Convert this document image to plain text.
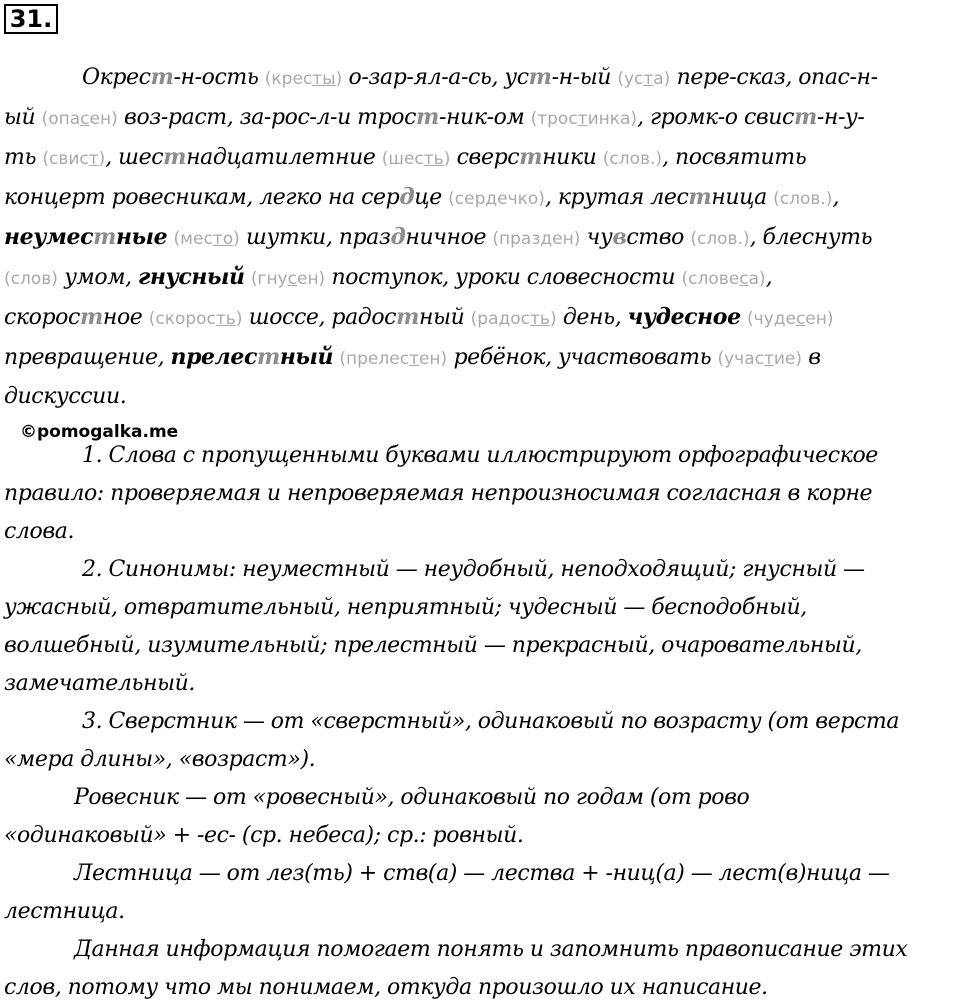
31.
Окрест-н-ость (кресты) о-зар-ял-а-сь, уст-н-ый (уста) пере-сказ, опас-н-
ый (опасен) воз-раст, за-рос-л-и трост-ник-ом (тростинка), громк-о свист-н-у-
ть (свист), шестнадцатилетние (шесть) сверстники (слов.), посвятить
концерт ровесникам, легко на сердце (сердечко), крутая лестница (слов.),
неуместные (место) шутки, праздничное (празден) чувство (слов.), блеснуть
(слов) умом, гнусный (гнусен) поступок, уроки словесности (словеса),
скоростное (скорость) шоссе, радостный (радость) день, чудесное (чудесен)
превращение, прелестный (прелестен) ребёнок, участвовать (участие) в
дискуссии.
©pomogalka.me
1. Слова с пропущенными буквами иллюстрируют орфографическое
правило: проверяемая и непроверяемая непроизносимая согласная в корне
слова.
2. Синонимы: неуместный — неудобный, неподходящий; гнусный —
ужасный, отвратительный, неприятный; чудесный — бесподобный,
волшебный, изумительный; прелестный — прекрасный, очаровательный,
замечательный.
3. Сверстник — от «сверстный», одинаковый по возрасту (от верста
«мера длины», «возраст»).
Ровесник — от «ровесный», одинаковый по годам (от рово
«одинаковый» + -ес- (ср. небеса); ср.: ровный.
Лестница — от лез(ть) + ств(а) — лества + -ниц(а) — лест(в)ница —
лестница.
Данная информация помогает понять и запомнить правописание этих
слов, потому что мы понимаем, откуда произошло их написание.
